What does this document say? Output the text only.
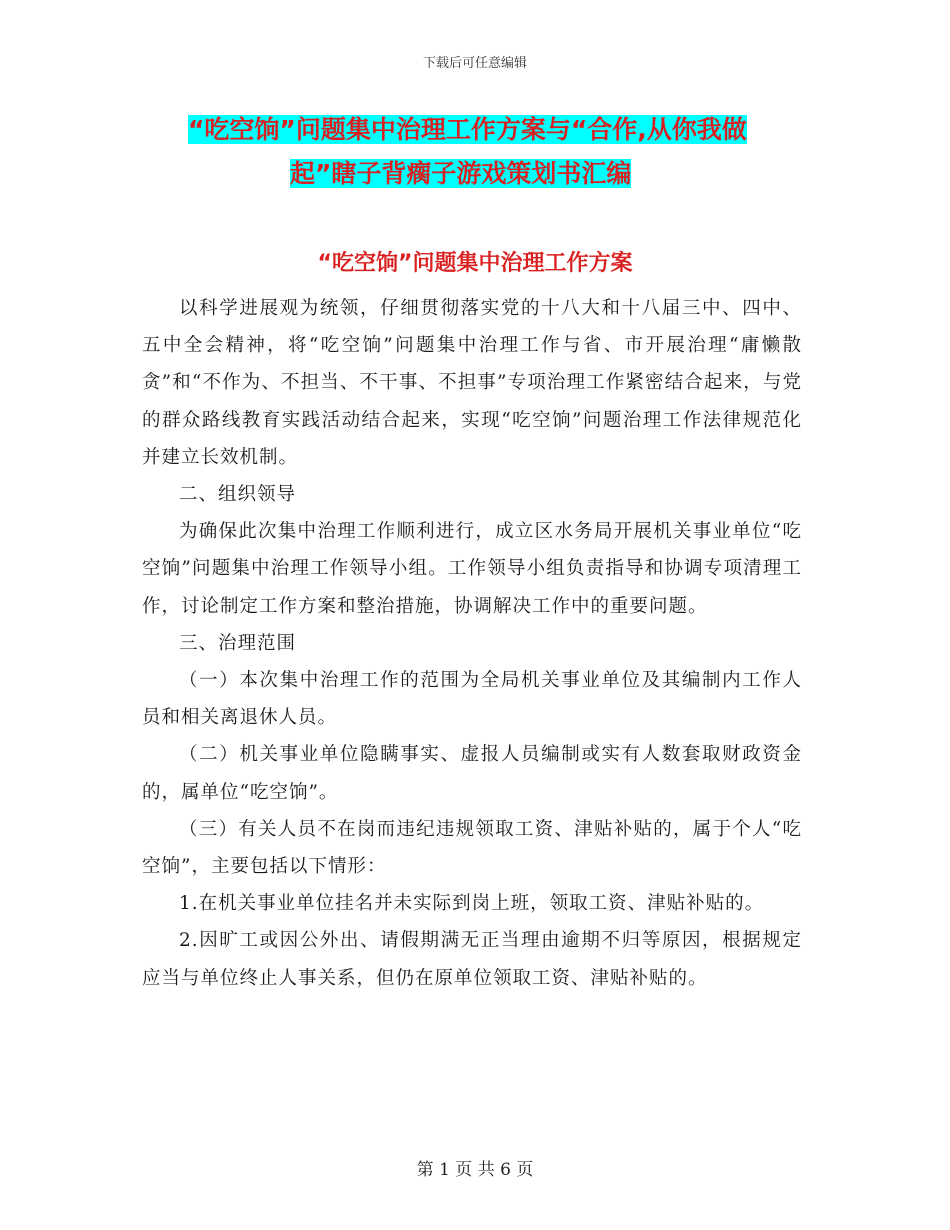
下载后可任意编辑
“吃空饷”问题集中治理工作方案与“合作,从你我做
起”瞎子背瘸子游戏策划书汇编
“吃空饷”问题集中治理工作方案

以科学进展观为统领，仔细贯彻落实党的十八大和十八届三中、四中、五中全会精神，将“吃空饷”问题集中治理工作与省、市开展治理“庸懒散贪”和“不作为、不担当、不干事、不担事”专项治理工作紧密结合起来，与党的群众路线教育实践活动结合起来，实现“吃空饷”问题治理工作法律规范化并建立长效机制。

二、组织领导

为确保此次集中治理工作顺利进行，成立区水务局开展机关事业单位“吃空饷”问题集中治理工作领导小组。工作领导小组负责指导和协调专项清理工作，讨论制定工作方案和整治措施，协调解决工作中的重要问题。

三、治理范围

（一）本次集中治理工作的范围为全局机关事业单位及其编制内工作人员和相关离退休人员。

（二）机关事业单位隐瞒事实、虚报人员编制或实有人数套取财政资金的，属单位“吃空饷”。

（三）有关人员不在岗而违纪违规领取工资、津贴补贴的，属于个人“吃空饷”，主要包括以下情形：

1.在机关事业单位挂名并未实际到岗上班，领取工资、津贴补贴的。

2.因旷工或因公外出、请假期满无正当理由逾期不归等原因，根据规定应当与单位终止人事关系，但仍在原单位领取工资、津贴补贴的。

第 1 页 共 6 页
